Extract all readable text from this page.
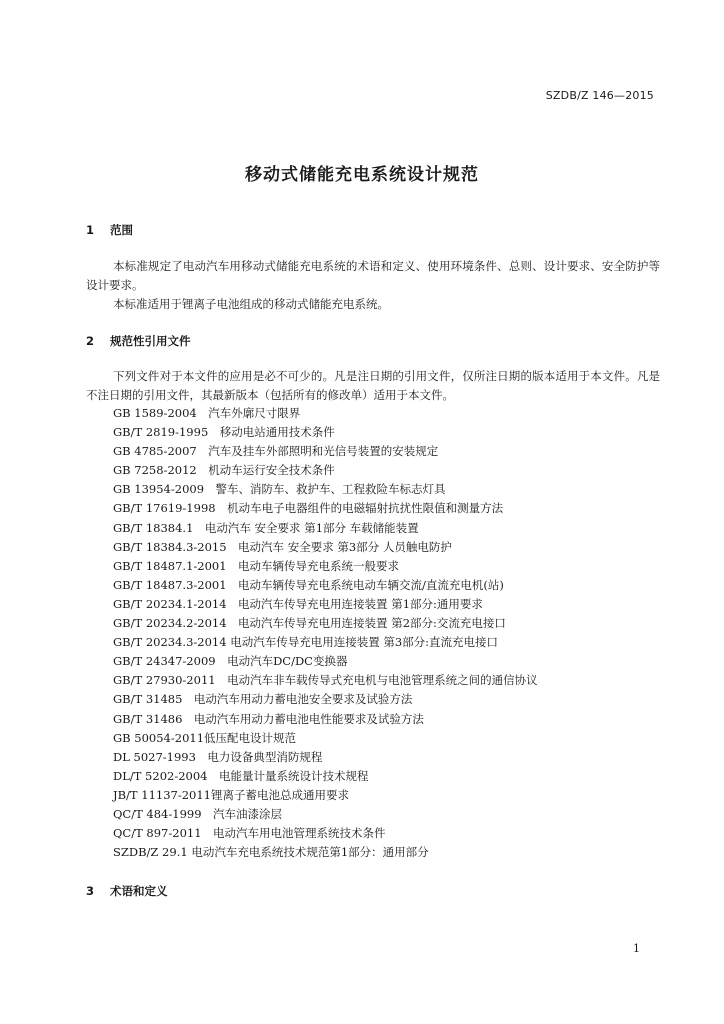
SZDB/Z 146—2015
移动式储能充电系统设计规范
1 范围
本标准规定了电动汽车用移动式储能充电系统的术语和定义、使用环境条件、总则、设计要求、安全防护等设计要求。
本标准适用于锂离子电池组成的移动式储能充电系统。
2 规范性引用文件
下列文件对于本文件的应用是必不可少的。凡是注日期的引用文件，仅所注日期的版本适用于本文件。凡是不注日期的引用文件，其最新版本（包括所有的修改单）适用于本文件。
GB 1589-2004　汽车外廓尺寸限界
GB/T 2819-1995　移动电站通用技术条件
GB 4785-2007　汽车及挂车外部照明和光信号装置的安装规定
GB 7258-2012　机动车运行安全技术条件
GB 13954-2009　警车、消防车、救护车、工程救险车标志灯具
GB/T 17619-1998　机动车电子电器组件的电磁辐射抗扰性限值和测量方法
GB/T 18384.1　电动汽车 安全要求 第1部分 车载储能装置
GB/T 18384.3-2015　电动汽车 安全要求 第3部分 人员触电防护
GB/T 18487.1-2001　电动车辆传导充电系统一般要求
GB/T 18487.3-2001　电动车辆传导充电系统电动车辆交流/直流充电机(站)
GB/T 20234.1-2014　电动汽车传导充电用连接装置 第1部分:通用要求
GB/T 20234.2-2014　电动汽车传导充电用连接装置 第2部分:交流充电接口
GB/T 20234.3-2014 电动汽车传导充电用连接装置 第3部分:直流充电接口
GB/T 24347-2009　电动汽车DC/DC变换器
GB/T 27930-2011　电动汽车非车载传导式充电机与电池管理系统之间的通信协议
GB/T 31485　电动汽车用动力蓄电池安全要求及试验方法
GB/T 31486　电动汽车用动力蓄电池电性能要求及试验方法
GB 50054-2011低压配电设计规范
DL 5027-1993　电力设备典型消防规程
DL/T 5202-2004　电能量计量系统设计技术规程
JB/T 11137-2011锂离子蓄电池总成通用要求
QC/T 484-1999　汽车油漆涂层
QC/T 897-2011　电动汽车用电池管理系统技术条件
SZDB/Z 29.1 电动汽车充电系统技术规范第1部分：通用部分
3 术语和定义
1
